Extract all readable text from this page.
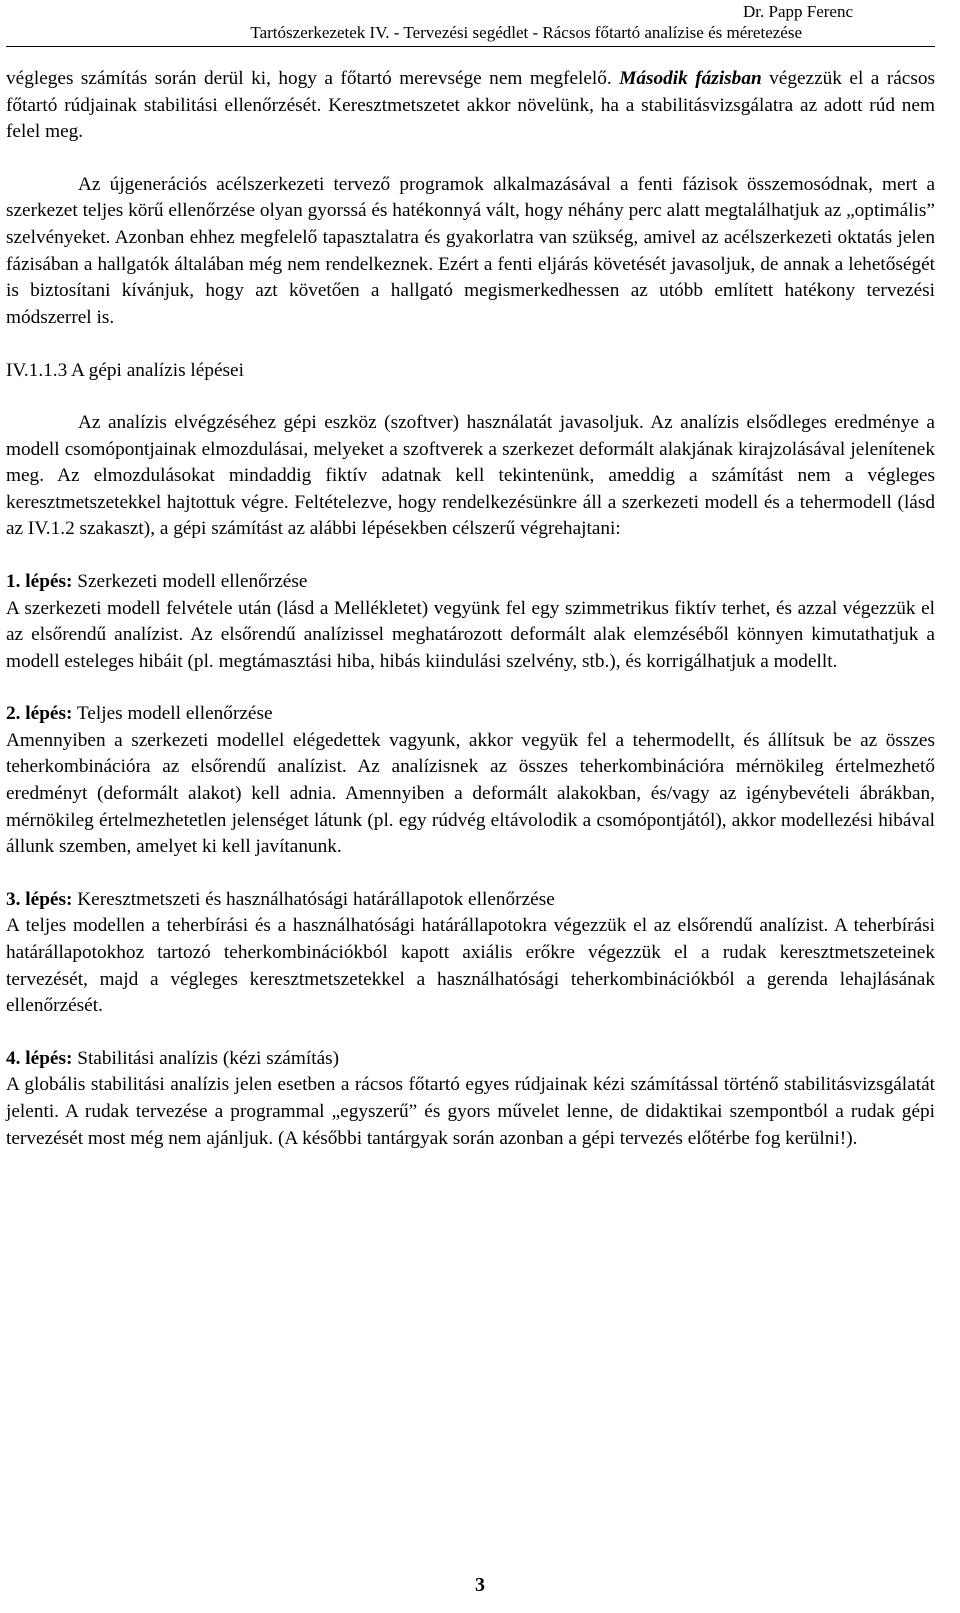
Dr. Papp Ferenc
Tartószerkezetek IV. - Tervezési segédlet - Rácsos főtartó analízise és méretezése

végleges számítás során derül ki, hogy a főtartó merevsége nem megfelelő. Második fázisban végezzük el a rácsos főtartó rúdjainak stabilitási ellenőrzését. Keresztmetszetet akkor növelünk, ha a stabilitásvizsgálatra az adott rúd nem felel meg.

Az újgenerációs acélszerkezeti tervező programok alkalmazásával a fenti fázisok összemosódnak, mert a szerkezet teljes körű ellenőrzése olyan gyorssá és hatékonnyá vált, hogy néhány perc alatt megtalálhatjuk az „optimális” szelvényeket. Azonban ehhez megfelelő tapasztalatra és gyakorlatra van szükség, amivel az acélszerkezeti oktatás jelen fázisában a hallgatók általában még nem rendelkeznek. Ezért a fenti eljárás követését javasoljuk, de annak a lehetőségét is biztosítani kívánjuk, hogy azt követően a hallgató megismerkedhessen az utóbb említett hatékony tervezési módszerrel is.

IV.1.1.3 A gépi analízis lépései

Az analízis elvégzéséhez gépi eszköz (szoftver) használatát javasoljuk. Az analízis elsődleges eredménye a modell csomópontjainak elmozdulásai, melyeket a szoftverek a szerkezet deformált alakjának kirajzolásával jelenítenek meg. Az elmozdulásokat mindaddig fiktív adatnak kell tekintenünk, ameddig a számítást nem a végleges keresztmetszetekkel hajtottuk végre. Feltételezve, hogy rendelkezésünkre áll a szerkezeti modell és a tehermodell (lásd az IV.1.2 szakaszt), a gépi számítást az alábbi lépésekben célszerű végrehajtani:

1. lépés: Szerkezeti modell ellenőrzése

A szerkezeti modell felvétele után (lásd a Mellékletet) vegyünk fel egy szimmetrikus fiktív terhet, és azzal végezzük el az elsőrendű analízist. Az elsőrendű analízissel meghatározott deformált alak elemzéséből könnyen kimutathatjuk a modell esteleges hibáit (pl. megtámasztási hiba, hibás kiindulási szelvény, stb.), és korrigálhatjuk a modellt.

2. lépés: Teljes modell ellenőrzése

Amennyiben a szerkezeti modellel elégedettek vagyunk, akkor vegyük fel a tehermodellt, és állítsuk be az összes teherkombinációra az elsőrendű analízist. Az analízisnek az összes teherkombinációra mérnökileg értelmezhető eredményt (deformált alakot) kell adnia. Amennyiben a deformált alakokban, és/vagy az igénybevételi ábrákban, mérnökileg értelmezhetetlen jelenséget látunk (pl. egy rúdvég eltávolodik a csomópontjától), akkor modellezési hibával állunk szemben, amelyet ki kell javítanunk.

3. lépés: Keresztmetszeti és használhatósági határállapotok ellenőrzése

A teljes modellen a teherbírási és a használhatósági határállapotokra végezzük el az elsőrendű analízist. A teherbírási határállapotokhoz tartozó teherkombinációkból kapott axiális erőkre végezzük el a rudak keresztmetszeteinek tervezését, majd a végleges keresztmetszetekkel a használhatósági teherkombinációkból a gerenda lehajlásának ellenőrzését.

4. lépés: Stabilitási analízis (kézi számítás)

A globális stabilitási analízis jelen esetben a rácsos főtartó egyes rúdjainak kézi számítással történő stabilitásvizsgálatát jelenti. A rudak tervezése a programmal „egyszerű” és gyors művelet lenne, de didaktikai szempontból a rudak gépi tervezését most még nem ajánljuk. (A későbbi tantárgyak során azonban a gépi tervezés előtérbe fog kerülni!).

3
